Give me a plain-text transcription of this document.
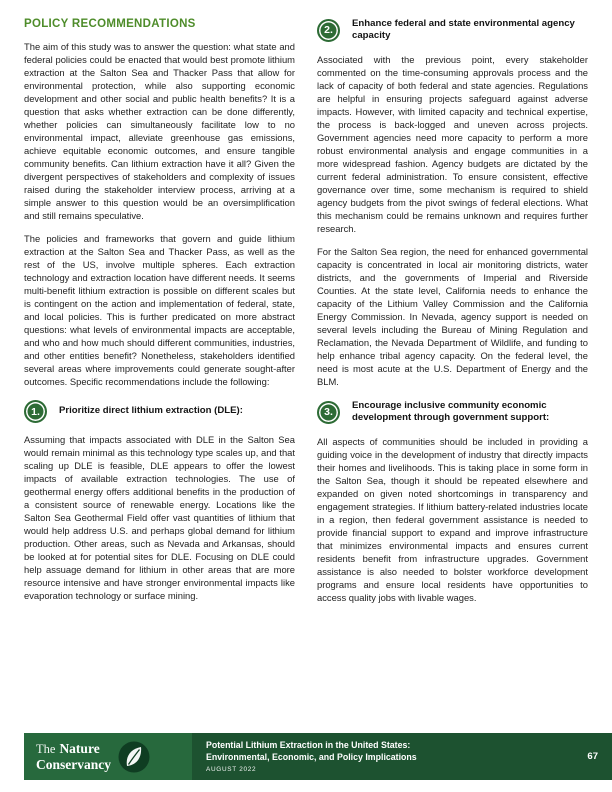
POLICY RECOMMENDATIONS

The aim of this study was to answer the question: what state and federal policies could be enacted that would best promote lithium extraction at the Salton Sea and Thacker Pass that allow for environmental protection, while also supporting economic development and other social and public health benefits? It is a question that asks whether extraction can be done differently, whether policies can simultaneously facilitate low to no environmental impact, alleviate greenhouse gas emissions, achieve equitable economic outcomes, and ensure tangible community benefits. Can lithium extraction have it all? Given the divergent perspectives of stakeholders and complexity of issues raised during the stakeholder interview process, arriving at a simple answer to this question would be an oversimplification and still remains speculative.

The policies and frameworks that govern and guide lithium extraction at the Salton Sea and Thacker Pass, as well as the rest of the US, involve multiple spheres. Each extraction technology and extraction location have different needs. It seems multi-benefit lithium extraction is possible on different scales but is contingent on the action and implementation of federal, state, and local policies. This is further predicated on more abstract questions: what levels of environmental impacts are acceptable, and who and how much should different communities, industries, and other entities benefit? Nonetheless, stakeholders identified several areas where improvements could generate sought-after outcomes. Specific recommendations include the following:

1. Prioritize direct lithium extraction (DLE):

Assuming that impacts associated with DLE in the Salton Sea would remain minimal as this technology type scales up, and that scaling up DLE is feasible, DLE appears to offer the lowest impacts of available extraction technologies. The use of geothermal energy offers additional benefits in the production of a consistent source of renewable energy. Locations like the Salton Sea Geothermal Field offer vast quantities of lithium that would help address U.S. and perhaps global demand for lithium production. Other areas, such as Nevada and Arkansas, should be looked at for potential sites for DLE. Focusing on DLE could help assuage demand for lithium in other areas that are more resource intensive and have stronger environmental impacts like evaporation technology or surface mining.

2.
Enhance federal and state environmental agency capacity

Associated with the previous point, every stakeholder commented on the time-consuming approvals process and the lack of capacity of both federal and state agencies. Regulations are helpful in ensuring projects safeguard against adverse impacts. However, with limited capacity and technical expertise, the process is back-logged and uneven across projects. Government agencies need more capacity to perform a more robust environmental analysis and engage communities in a more widespread fashion. Agency budgets are dictated by the current federal administration. To ensure consistent, effective governance over time, some mechanism is required to shield agency budgets from the pivot swings of federal elections. What this mechanism could be remains unknown and requires further research.

For the Salton Sea region, the need for enhanced governmental capacity is concentrated in local air monitoring districts, water districts, and the governments of Imperial and Riverside Counties. At the state level, California needs to enhance the capacity of the Lithium Valley Commission and the California Energy Commission. In Nevada, agency support is needed on several levels including the Bureau of Mining Regulation and Reclamation, the Nevada Department of Wildlife, and funding to help enhance tribal agency capacity. On the federal level, the need is most acute at the U.S. Department of Energy and the BLM.

3.
Encourage inclusive community economic development through government support:

All aspects of communities should be included in providing a guiding voice in the development of industry that directly impacts their homes and livelihoods. This is taking place in some form in the Salton Sea, though it should be repeated elsewhere and expanded on given noted shortcomings in transparency and engagement strategies. If lithium battery-related industries locate in a region, then federal government assistance is needed to provide financial support to expand and improve infrastructure that minimizes environmental impacts and ensures current residents benefit from infrastructure upgrades. Government assistance is also needed to bolster workforce development programs and ensure local residents have opportunities to access quality jobs with livable wages.

The Nature
Conservancy
Potential Lithium Extraction in the United States:
Environmental, Economic, and Policy Implications
AUGUST 2022
67
